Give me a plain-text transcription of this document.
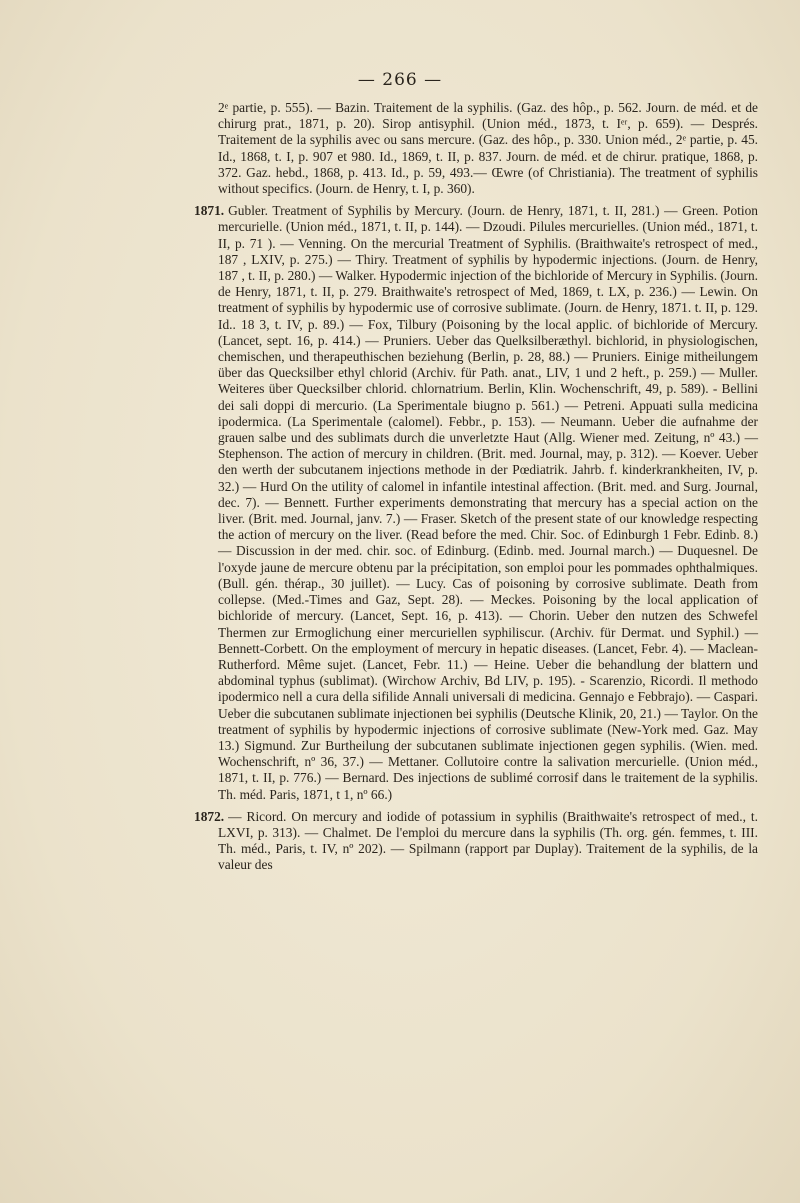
— 266 —

2ᵉ partie, p. 555). — Bazin. Traitement de la syphilis. (Gaz. des hôp., p. 562. Journ. de méd. et de chirurg prat., 1871, p. 20). Sirop antisyphil. (Union méd., 1873, t. Iᵉʳ, p. 659). — Després. Traitement de la syphilis avec ou sans mercure. (Gaz. des hôp., p. 330. Union méd., 2ᵉ partie, p. 45. Id., 1868, t. I, p. 907 et 980. Id., 1869, t. II, p. 837. Journ. de méd. et de chirur. pratique, 1868, p. 372. Gaz. hebd., 1868, p. 413. Id., p. 59, 493.— Œwre (of Christiania). The treatment of syphilis without specifics. (Journ. de Henry, t. I, p. 360).

1871. Gubler. Treatment of Syphilis by Mercury. (Journ. de Henry, 1871, t. II, 281.) — Green. Potion mercurielle. (Union méd., 1871, t. II, p. 144). — Dzoudi. Pilules mercurielles. (Union méd., 1871, t. II, p. 71 ). — Venning. On the mercurial Treatment of Syphilis. (Braithwaite's retrospect of med., 187 , LXIV, p. 275.) — Thiry. Treatment of syphilis by hypodermic injections. (Journ. de Henry, 187 , t. II, p. 280.) — Walker. Hypodermic injection of the bichloride of Mercury in Syphilis. (Journ. de Henry, 1871, t. II, p. 279. Braithwaite's retrospect of Med, 1869, t. LX, p. 236.) — Lewin. On treatment of syphilis by hypodermic use of corrosive sublimate. (Journ. de Henry, 1871. t. II, p. 129. Id.. 18 3, t. IV, p. 89.) — Fox, Tilbury (Poisoning by the local applic. of bichloride of Mercury. (Lancet, sept. 16, p. 414.) — Pruniers. Ueber das Quelksilberæthyl. bichlorid, in physiologischen, chemischen, und therapeuthischen beziehung (Berlin, p. 28, 88.) — Pruniers. Einige mitheilungem über das Quecksilber ethyl chlorid (Archiv. für Path. anat., LIV, 1 und 2 heft., p. 259.) — Muller. Weiteres über Quecksilber chlorid. chlornatrium. Berlin, Klin. Wochenschrift, 49, p. 589). - Bellini dei sali doppi di mercurio. (La Sperimentale biugno p. 561.) — Petreni. Appuati sulla medicina ipodermica. (La Sperimentale (calomel). Febbr., p. 153). — Neumann. Ueber die aufnahme der grauen salbe und des sublimats durch die unverletzte Haut (Allg. Wiener med. Zeitung, nº 43.) — Stephenson. The action of mercury in children. (Brit. med. Journal, may, p. 312). — Koever. Ueber den werth der subcutanem injections methode in der Pœdiatrik. Jahrb. f. kinderkrankheiten, IV, p. 32.) — Hurd On the utility of calomel in infantile intestinal affection. (Brit. med. and Surg. Journal, dec. 7). — Bennett. Further experiments demonstrating that mercury has a special action on the liver. (Brit. med. Journal, janv. 7.) — Fraser. Sketch of the present state of our knowledge respecting the action of mercury on the liver. (Read before the med. Chir. Soc. of Edinburgh 1 Febr. Edinb. 8.) — Discussion in der med. chir. soc. of Edinburg. (Edinb. med. Journal march.) — Duquesnel. De l'oxyde jaune de mercure obtenu par la précipitation, son emploi pour les pommades ophthalmiques. (Bull. gén. thérap., 30 juillet). — Lucy. Cas of poisoning by corrosive sublimate. Death from collepse. (Med.-Times and Gaz, Sept. 28). — Meckes. Poisoning by the local application of bichloride of mercury. (Lancet, Sept. 16, p. 413). — Chorin. Ueber den nutzen des Schwefel Thermen zur Ermoglichung einer mercuriellen syphiliscur. (Archiv. für Dermat. und Syphil.) — Bennett-Corbett. On the employment of mercury in hepatic diseases. (Lancet, Febr. 4). — Maclean-Rutherford. Même sujet. (Lancet, Febr. 11.) — Heine. Ueber die behandlung der blattern und abdominal typhus (sublimat). (Wirchow Archiv, Bd LIV, p. 195). - Scarenzio, Ricordi. Il methodo ipodermico nell a cura della sifilide Annali universali di medicina. Gennajo e Febbrajo). — Caspari. Ueber die subcutanen sublimate injectionen bei syphilis (Deutsche Klinik, 20, 21.) — Taylor. On the treatment of syphilis by hypodermic injections of corrosive sublimate (New-York med. Gaz. May 13.) Sigmund. Zur Burtheilung der subcutanen sublimate injectionen gegen syphilis. (Wien. med. Wochenschrift, nº 36, 37.) — Mettaner. Collutoire contre la salivation mercurielle. (Union méd., 1871, t. II, p. 776.) — Bernard. Des injections de sublimé corrosif dans le traitement de la syphilis. Th. méd. Paris, 1871, t 1, nº 66.)

1872. — Ricord. On mercury and iodide of potassium in syphilis (Braithwaite's retrospect of med., t. LXVI, p. 313). — Chalmet. De l'emploi du mercure dans la syphilis (Th. org. gén. femmes, t. III. Th. méd., Paris, t. IV, nº 202). — Spilmann (rapport par Duplay). Traitement de la syphilis, de la valeur des
